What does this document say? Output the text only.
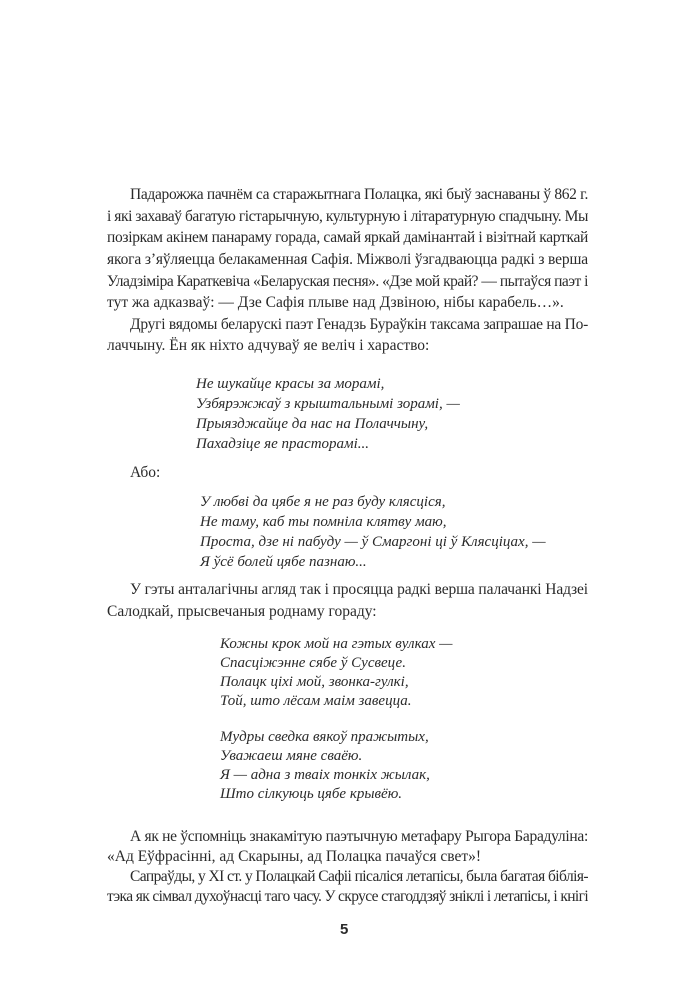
Падарожжа пачнём са старажытнага Полацка, які быў заснаваны ў 862 г.
і які захаваў багатую гістарычную, культурную і літаратурную спадчыну. Мы
позіркам акінем панараму горада, самай яркай дамінантай і візітнай карткай
якога з’яўляецца белакаменная Сафія. Міжволі ўзгадваюцца радкі з верша
Уладзіміра Караткевіча «Беларуская песня». «Дзе мой край? — пытаўся паэт і
тут жа адказваў: — Дзе Сафія плыве над Дзвіною, нібы карабель…».
Другі вядомы беларускі паэт Генадзь Бураўкін таксама запрашае на По-
лаччыну. Ён як ніхто адчуваў яе веліч і хараство:
Не шукайце красы за морамі,
Узбярэжжаў з крыштальнымі зорамі, —
Прыязджайце да нас на Полаччыну,
Пахадзіце яе прасторамі...
Або:
У любві да цябе я не раз буду клясціся,
Не таму, каб ты помніла клятву маю,
Проста, дзе ні пабуду — ў Смаргоні ці ў Клясціцах, —
Я ўсё болей цябе пазнаю...
У гэты анталагічны агляд так і просяцца радкі верша палачанкі Надзеі
Салодкай, прысвечаныя роднаму гораду:
Кожны крок мой на гэтых вулках —
Спасціжэнне сябе ў Сусвеце.
Полацк ціхі мой, звонка-гулкі,
Той, што лёсам маім завецца.
Мудры сведка вякоў пражытых,
Уважаеш мяне сваёю.
Я — адна з тваіх тонкіх жылак,
Што сілкуюць цябе крывёю.
А як не ўспомніць знакамітую паэтычную метафару Рыгора Барадуліна:
«Ад Еўфрасінні, ад Скарыны, ад Полацка пачаўся свет»!
Сапраўды, у XI ст. у Полацкай Сафіі пісаліся летапісы, была багатая біблія-
тэка як сімвал духоўнасці таго часу. У скрусе стагоддзяў зніклі і летапісы, і кнігі
5
